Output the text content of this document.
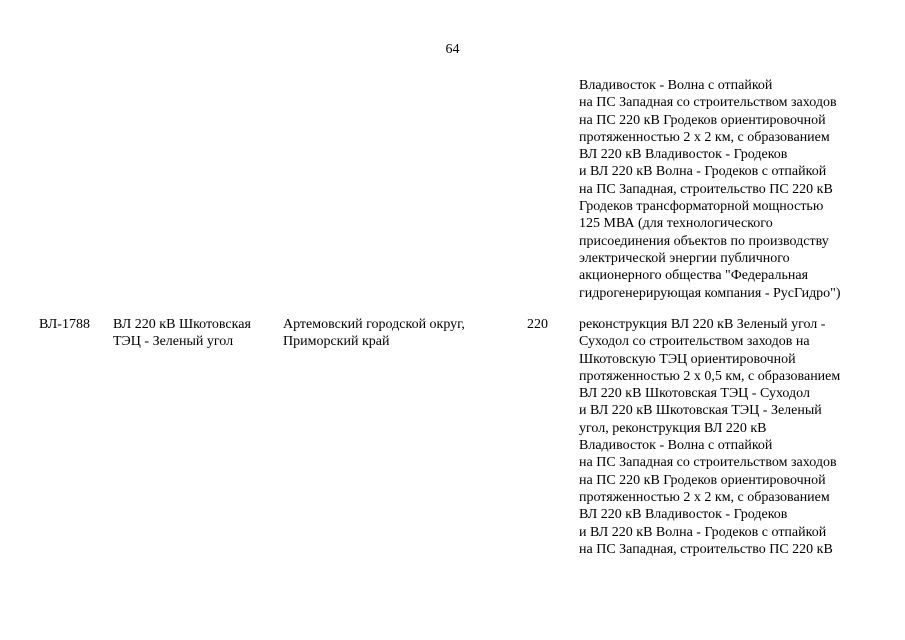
64
Владивосток - Волна с отпайкой
на ПС Западная со строительством заходов
на ПС 220 кВ Гродеков ориентировочной
протяженностью 2 х 2 км, с образованием
ВЛ 220 кВ Владивосток - Гродеков
и ВЛ 220 кВ Волна - Гродеков с отпайкой
на ПС Западная, строительство ПС 220 кВ
Гродеков трансформаторной мощностью
125 МВА (для технологического
присоединения объектов по производству
электрической энергии публичного
акционерного общества "Федеральная
гидрогенерирующая компания - РусГидро")
ВЛ-1788 ВЛ 220 кВ Шкотовская
ТЭЦ - Зеленый угол
Артемовский городской округ,
Приморский край
220 реконструкция ВЛ 220 кВ Зеленый угол -
Суходол со строительством заходов на
Шкотовскую ТЭЦ ориентировочной
протяженностью 2 х 0,5 км, с образованием
ВЛ 220 кВ Шкотовская ТЭЦ - Суходол
и ВЛ 220 кВ Шкотовская ТЭЦ - Зеленый
угол, реконструкция ВЛ 220 кВ
Владивосток - Волна с отпайкой
на ПС Западная со строительством заходов
на ПС 220 кВ Гродеков ориентировочной
протяженностью 2 х 2 км, с образованием
ВЛ 220 кВ Владивосток - Гродеков
и ВЛ 220 кВ Волна - Гродеков с отпайкой
на ПС Западная, строительство ПС 220 кВ
